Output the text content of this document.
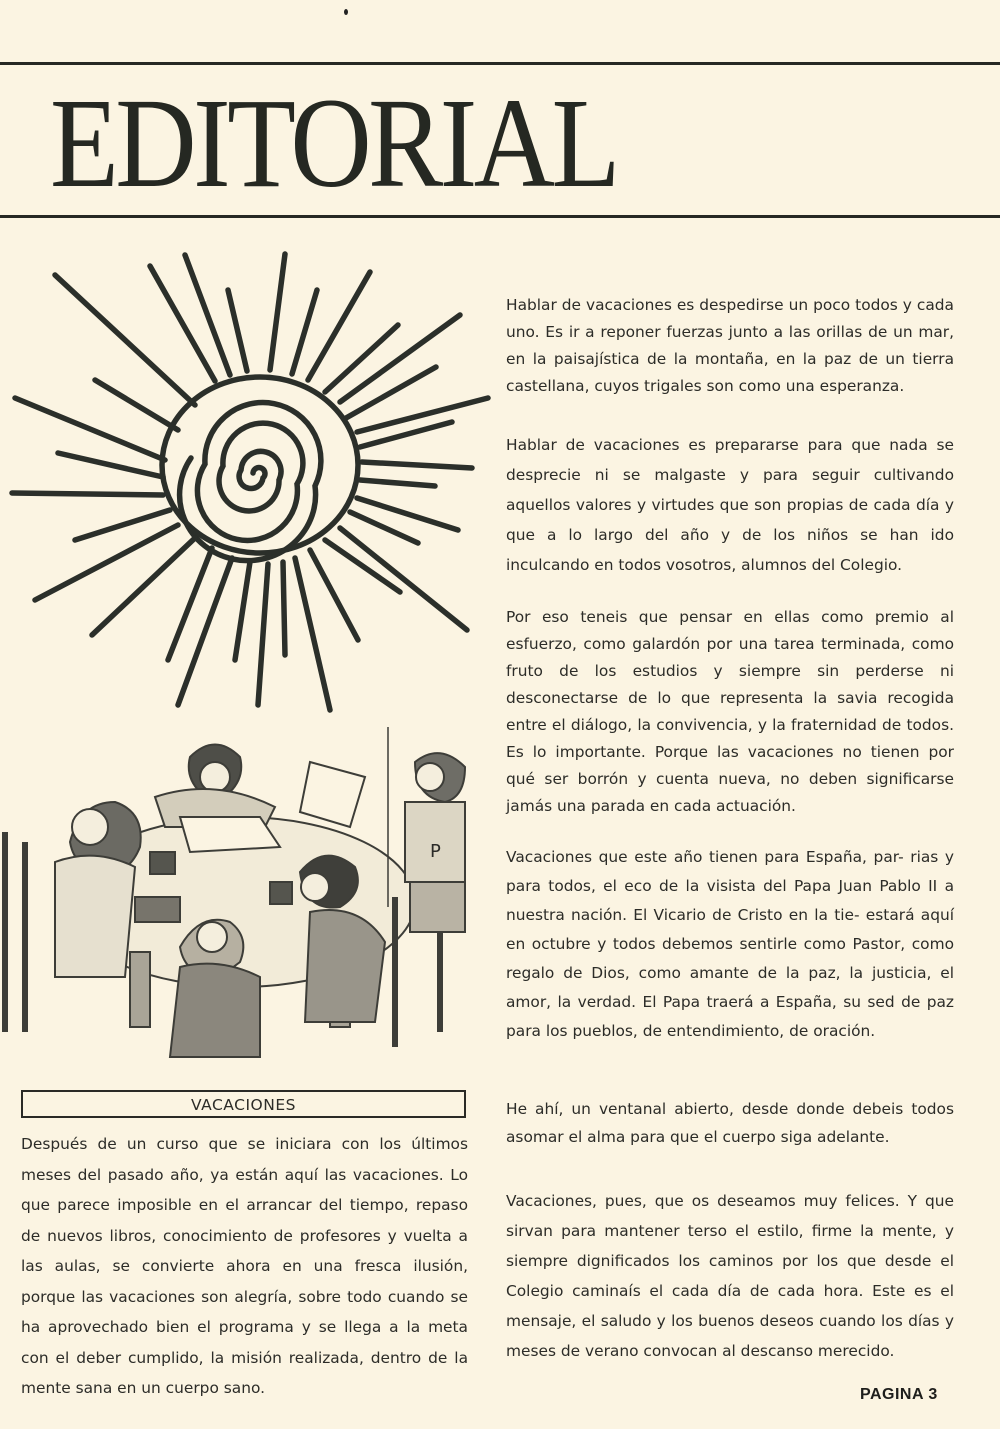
EDITORIAL
P

Hablar de vacaciones es despedirse un poco todos y cada uno. Es ir a reponer fuerzas junto a las orillas de un mar, en la paisajística de la montaña, en la paz de un tierra castellana, cuyos trigales son como una esperanza.

Hablar de vacaciones es prepararse para que nada se desprecie ni se malgaste y para seguir cultivando aquellos valores y virtudes que son propias de cada día y que a lo largo del año y de los niños se han ido inculcando en todos vosotros, alumnos del Colegio.

Por eso teneis que pensar en ellas como premio al esfuerzo, como galardón por una tarea terminada, como fruto de los estudios y siempre sin perderse ni desconectarse de lo que representa la savia recogida entre el diálogo, la convivencia, y la fraternidad de todos. Es lo importante. Porque las vacaciones no tienen por qué ser borrón y cuenta nueva, no deben significarse jamás una parada en cada actuación.

Vacaciones que este año tienen para España, par- rias y para todos, el eco de la visista del Papa Juan Pablo II a nuestra nación. El Vicario de Cristo en la tie- estará aquí en octubre y todos debemos sentirle como Pastor, como regalo de Dios, como amante de la paz, la justicia, el amor, la verdad. El Papa traerá a España, su sed de paz para los pueblos, de entendimiento, de oración.

He ahí, un ventanal abierto, desde donde debeis todos asomar el alma para que el cuerpo siga adelante.

Vacaciones, pues, que os deseamos muy felices. Y que sirvan para mantener terso el estilo, firme la mente, y siempre dignificados los caminos por los que desde el Colegio caminaís el cada día de cada hora. Este es el mensaje, el saludo y los buenos deseos cuando los días y meses de verano convocan al descanso merecido.

VACACIONES

Después de un curso que se iniciara con los últimos meses del pasado año, ya están aquí las vacaciones. Lo que parece imposible en el arrancar del tiempo, repaso de nuevos libros, conocimiento de profesores y vuelta a las aulas, se convierte ahora en una fresca ilusión, porque las vacaciones son alegría, sobre todo cuando se ha aprovechado bien el programa y se llega a la meta con el deber cumplido, la misión realizada, dentro de la mente sana en un cuerpo sano.	PAGINA 3
